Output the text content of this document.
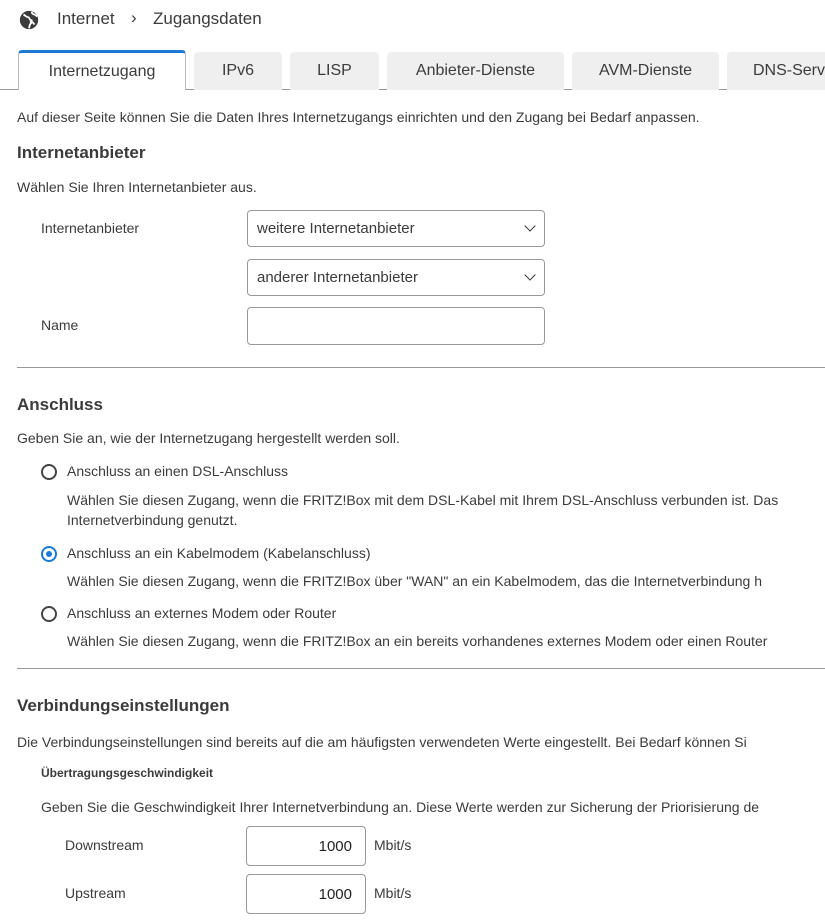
Internet › Zugangsdaten
Internetzugang	IPv6	LISP	Anbieter-Dienste	AVM-Dienste	DNS-Serv
Auf dieser Seite können Sie die Daten Ihres Internetzugangs einrichten und den Zugang bei Bedarf anpassen.
Internetanbieter
Wählen Sie Ihren Internetanbieter aus.
Internetanbieter	weitere Internetanbieter
anderer Internetanbieter
Name
Anschluss
Geben Sie an, wie der Internetzugang hergestellt werden soll.
Anschluss an einen DSL-Anschluss
Wählen Sie diesen Zugang, wenn die FRITZ!Box mit dem DSL-Kabel mit Ihrem DSL-Anschluss verbunden ist. Das
Internetverbindung genutzt.
Anschluss an ein Kabelmodem (Kabelanschluss)
Wählen Sie diesen Zugang, wenn die FRITZ!Box über "WAN" an ein Kabelmodem, das die Internetverbindung h
Anschluss an externes Modem oder Router
Wählen Sie diesen Zugang, wenn die FRITZ!Box an ein bereits vorhandenes externes Modem oder einen Router
Verbindungseinstellungen
Die Verbindungseinstellungen sind bereits auf die am häufigsten verwendeten Werte eingestellt. Bei Bedarf können Si
Übertragungsgeschwindigkeit
Geben Sie die Geschwindigkeit Ihrer Internetverbindung an. Diese Werte werden zur Sicherung der Priorisierung de
Downstream	1000	Mbit/s
Upstream	1000	Mbit/s
